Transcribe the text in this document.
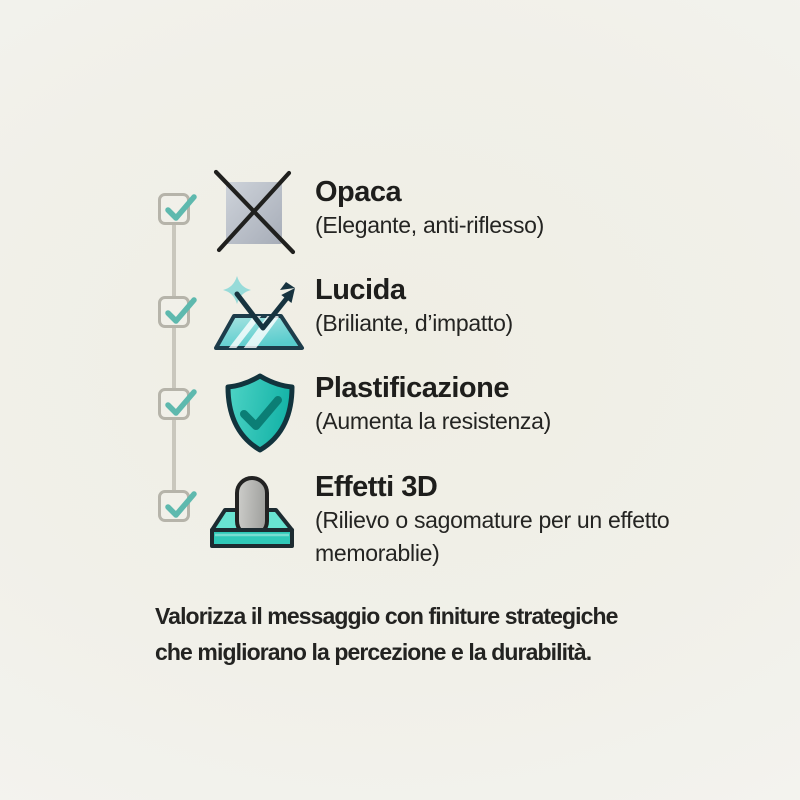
Opaca
(Elegante, anti-riflesso)
Lucida
(Briliante, d’impatto)
Plastificazione
(Aumenta la resistenza)
Effetti 3D
(Rilievo o sagomature per un effetto memorablie)
Valorizza il messaggio con finiture strategiche
che migliorano la percezione e la durabilità.
